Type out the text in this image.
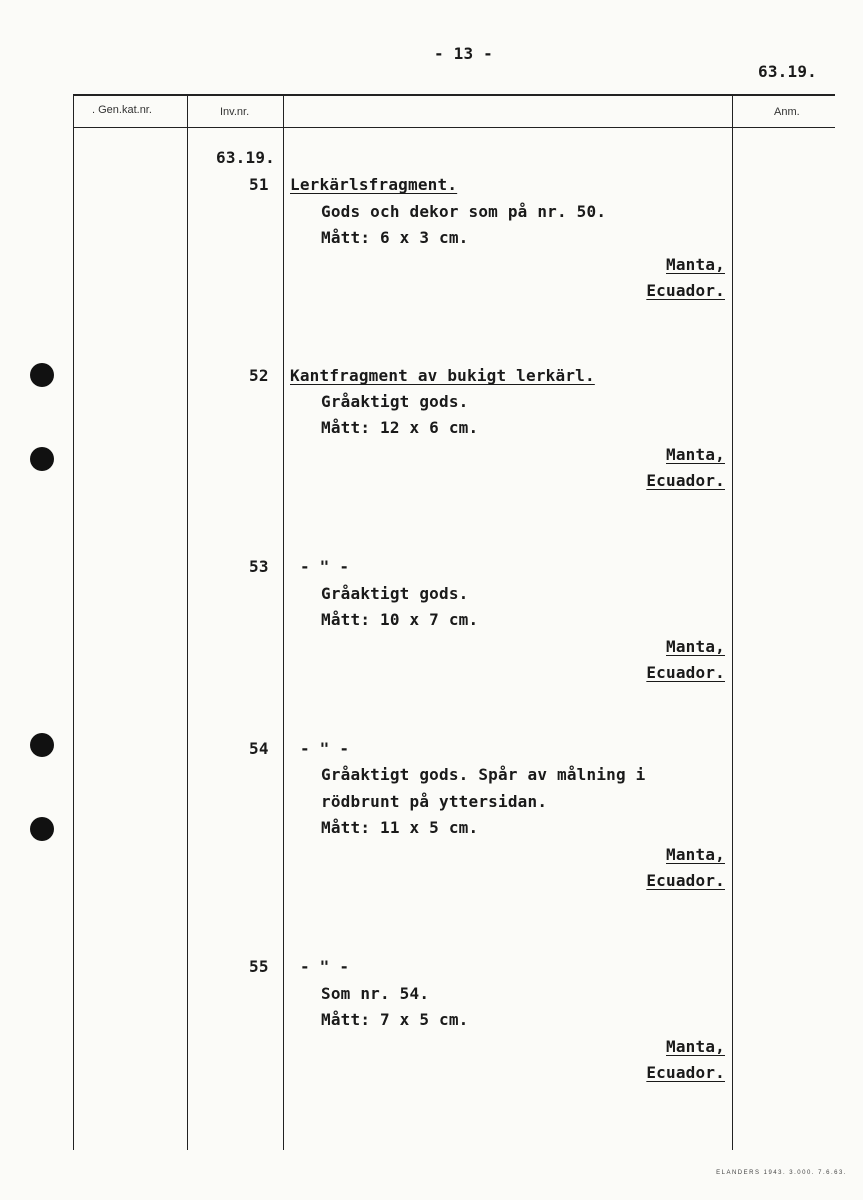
- 13 -
63.19.
. Gen.kat.nr.	Inv.nr.	Anm.
63.19.
51 Lerkärlsfragment.
Gods och dekor som på nr. 50.
Mått: 6 x 3 cm.
Manta,
Ecuador.
52 Kantfragment av bukigt lerkärl.
Gråaktigt gods.
Mått: 12 x 6 cm.
Manta,
Ecuador.
53 - " -
Gråaktigt gods.
Mått: 10 x 7 cm.
Manta,
Ecuador.
54 - " -
Gråaktigt gods. Spår av målning i
rödbrunt på yttersidan.
Mått: 11 x 5 cm.
Manta,
Ecuador.
55 - " -
Som nr. 54.
Mått: 7 x 5 cm.
Manta,
Ecuador.
ELANDERS 1943. 3.000. 7.6.63.
